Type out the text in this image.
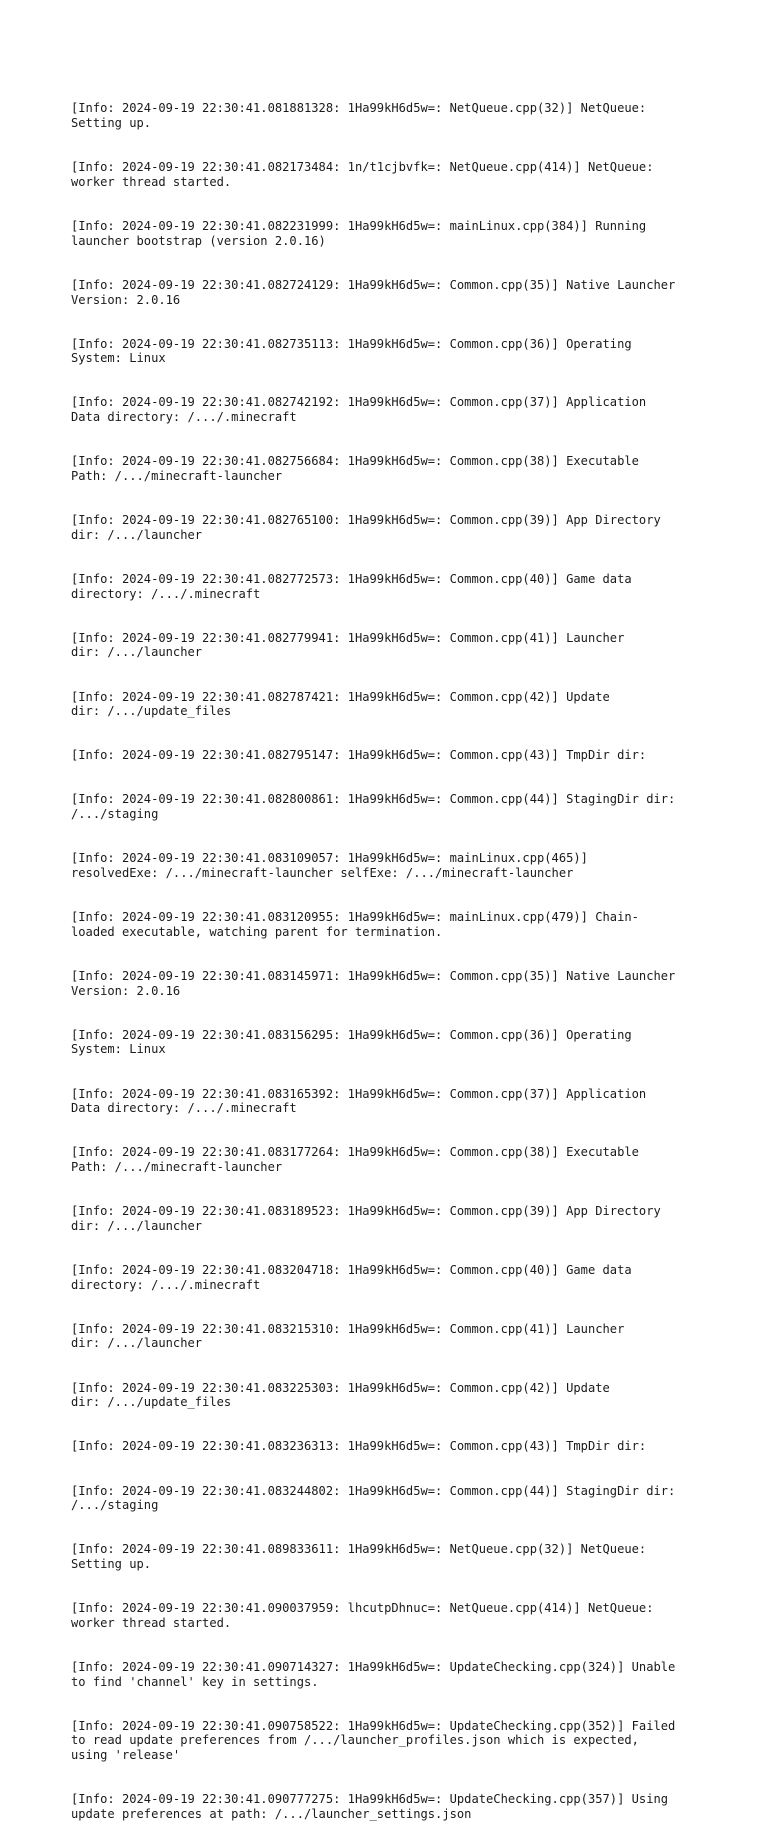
[Info: 2024-09-19 22:30:41.081881328: 1Ha99kH6d5w=: NetQueue.cpp(32)] NetQueue:
Setting up.

[Info: 2024-09-19 22:30:41.082173484: 1n/t1cjbvfk=: NetQueue.cpp(414)] NetQueue:
worker thread started.

[Info: 2024-09-19 22:30:41.082231999: 1Ha99kH6d5w=: mainLinux.cpp(384)] Running
launcher bootstrap (version 2.0.16)

[Info: 2024-09-19 22:30:41.082724129: 1Ha99kH6d5w=: Common.cpp(35)] Native Launcher
Version: 2.0.16

[Info: 2024-09-19 22:30:41.082735113: 1Ha99kH6d5w=: Common.cpp(36)] Operating
System: Linux

[Info: 2024-09-19 22:30:41.082742192: 1Ha99kH6d5w=: Common.cpp(37)] Application
Data directory: /.../.minecraft

[Info: 2024-09-19 22:30:41.082756684: 1Ha99kH6d5w=: Common.cpp(38)] Executable
Path: /.../minecraft-launcher

[Info: 2024-09-19 22:30:41.082765100: 1Ha99kH6d5w=: Common.cpp(39)] App Directory
dir: /.../launcher

[Info: 2024-09-19 22:30:41.082772573: 1Ha99kH6d5w=: Common.cpp(40)] Game data
directory: /.../.minecraft

[Info: 2024-09-19 22:30:41.082779941: 1Ha99kH6d5w=: Common.cpp(41)] Launcher
dir: /.../launcher

[Info: 2024-09-19 22:30:41.082787421: 1Ha99kH6d5w=: Common.cpp(42)] Update
dir: /.../update_files

[Info: 2024-09-19 22:30:41.082795147: 1Ha99kH6d5w=: Common.cpp(43)] TmpDir dir:

[Info: 2024-09-19 22:30:41.082800861: 1Ha99kH6d5w=: Common.cpp(44)] StagingDir dir:
/.../staging

[Info: 2024-09-19 22:30:41.083109057: 1Ha99kH6d5w=: mainLinux.cpp(465)]
resolvedExe: /.../minecraft-launcher selfExe: /.../minecraft-launcher

[Info: 2024-09-19 22:30:41.083120955: 1Ha99kH6d5w=: mainLinux.cpp(479)] Chain-
loaded executable, watching parent for termination.

[Info: 2024-09-19 22:30:41.083145971: 1Ha99kH6d5w=: Common.cpp(35)] Native Launcher
Version: 2.0.16

[Info: 2024-09-19 22:30:41.083156295: 1Ha99kH6d5w=: Common.cpp(36)] Operating
System: Linux

[Info: 2024-09-19 22:30:41.083165392: 1Ha99kH6d5w=: Common.cpp(37)] Application
Data directory: /.../.minecraft

[Info: 2024-09-19 22:30:41.083177264: 1Ha99kH6d5w=: Common.cpp(38)] Executable
Path: /.../minecraft-launcher

[Info: 2024-09-19 22:30:41.083189523: 1Ha99kH6d5w=: Common.cpp(39)] App Directory
dir: /.../launcher

[Info: 2024-09-19 22:30:41.083204718: 1Ha99kH6d5w=: Common.cpp(40)] Game data
directory: /.../.minecraft

[Info: 2024-09-19 22:30:41.083215310: 1Ha99kH6d5w=: Common.cpp(41)] Launcher
dir: /.../launcher

[Info: 2024-09-19 22:30:41.083225303: 1Ha99kH6d5w=: Common.cpp(42)] Update
dir: /.../update_files

[Info: 2024-09-19 22:30:41.083236313: 1Ha99kH6d5w=: Common.cpp(43)] TmpDir dir:

[Info: 2024-09-19 22:30:41.083244802: 1Ha99kH6d5w=: Common.cpp(44)] StagingDir dir:
/.../staging

[Info: 2024-09-19 22:30:41.089833611: 1Ha99kH6d5w=: NetQueue.cpp(32)] NetQueue:
Setting up.

[Info: 2024-09-19 22:30:41.090037959: lhcutpDhnuc=: NetQueue.cpp(414)] NetQueue:
worker thread started.

[Info: 2024-09-19 22:30:41.090714327: 1Ha99kH6d5w=: UpdateChecking.cpp(324)] Unable
to find 'channel' key in settings.

[Info: 2024-09-19 22:30:41.090758522: 1Ha99kH6d5w=: UpdateChecking.cpp(352)] Failed
to read update preferences from /.../launcher_profiles.json which is expected,
using 'release'

[Info: 2024-09-19 22:30:41.090777275: 1Ha99kH6d5w=: UpdateChecking.cpp(357)] Using
update preferences at path: /.../launcher_settings.json
